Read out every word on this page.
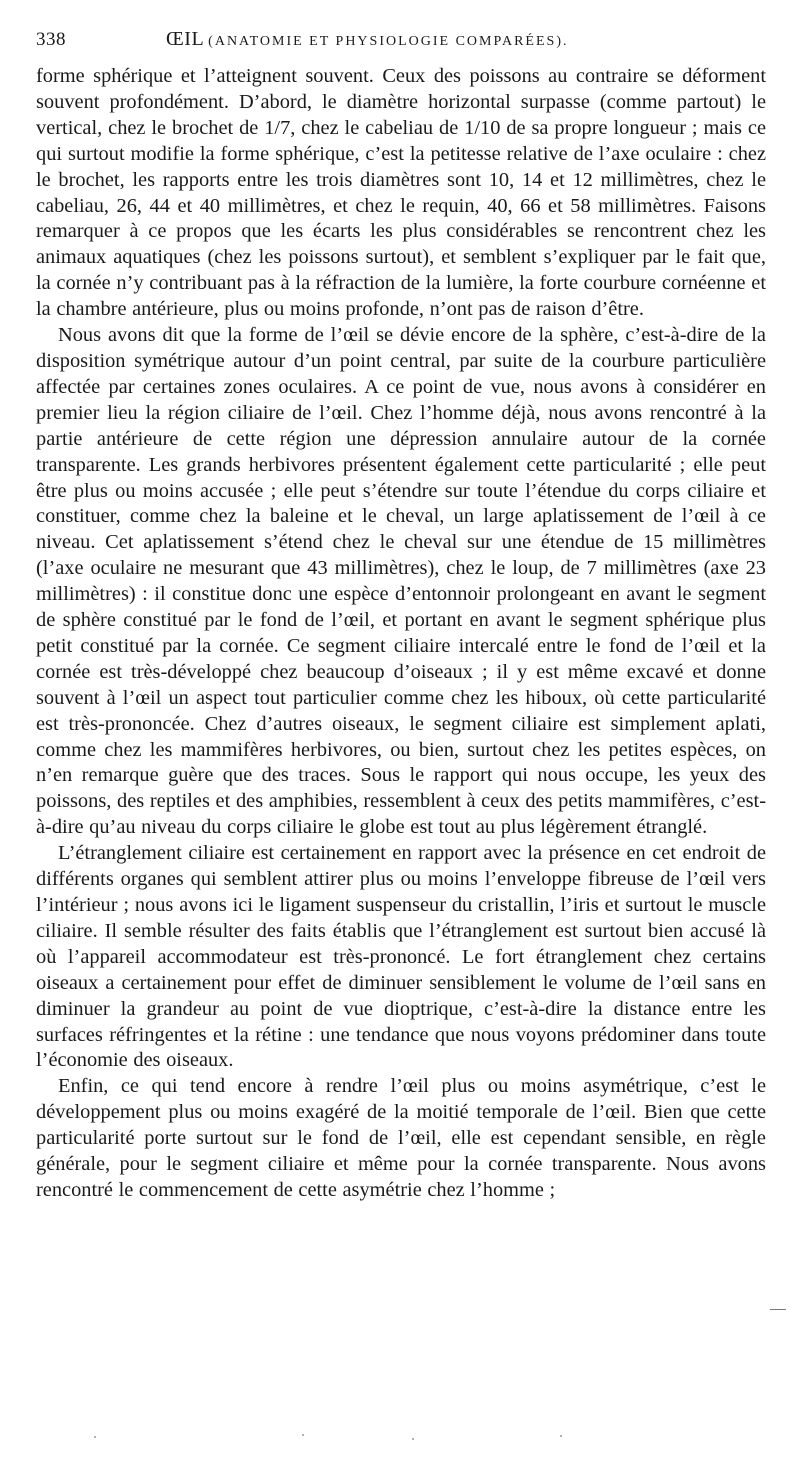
338	ŒIL (ANATOMIE ET PHYSIOLOGIE COMPARÉES).

forme sphérique et l’atteignent souvent. Ceux des poissons au contraire se déforment souvent profondément. D’abord, le diamètre horizontal surpasse (comme partout) le vertical, chez le brochet de 1/7, chez le cabeliau de 1/10 de sa propre longueur ; mais ce qui surtout modifie la forme sphérique, c’est la petitesse relative de l’axe oculaire : chez le brochet, les rapports entre les trois diamètres sont 10, 14 et 12 millimètres, chez le cabeliau, 26, 44 et 40 millimètres, et chez le requin, 40, 66 et 58 millimètres. Faisons remarquer à ce propos que les écarts les plus considérables se rencontrent chez les animaux aquatiques (chez les poissons surtout), et semblent s’expliquer par le fait que, la cornée n’y contribuant pas à la réfraction de la lumière, la forte courbure cornéenne et la chambre antérieure, plus ou moins profonde, n’ont pas de raison d’être.

Nous avons dit que la forme de l’œil se dévie encore de la sphère, c’est-à-dire de la disposition symétrique autour d’un point central, par suite de la courbure particulière affectée par certaines zones oculaires. A ce point de vue, nous avons à considérer en premier lieu la région ciliaire de l’œil. Chez l’homme déjà, nous avons rencontré à la partie antérieure de cette région une dépression annulaire autour de la cornée transparente. Les grands herbivores présentent également cette particularité ; elle peut être plus ou moins accusée ; elle peut s’étendre sur toute l’étendue du corps ciliaire et constituer, comme chez la baleine et le cheval, un large aplatissement de l’œil à ce niveau. Cet aplatissement s’étend chez le cheval sur une étendue de 15 millimètres (l’axe oculaire ne mesurant que 43 millimètres), chez le loup, de 7 millimètres (axe 23 millimètres) : il constitue donc une espèce d’entonnoir prolongeant en avant le segment de sphère constitué par le fond de l’œil, et portant en avant le segment sphérique plus petit constitué par la cornée. Ce segment ciliaire intercalé entre le fond de l’œil et la cornée est très-développé chez beaucoup d’oiseaux ; il y est même excavé et donne souvent à l’œil un aspect tout particulier comme chez les hiboux, où cette particularité est très-prononcée. Chez d’autres oiseaux, le segment ciliaire est simplement aplati, comme chez les mammifères herbivores, ou bien, surtout chez les petites espèces, on n’en remarque guère que des traces. Sous le rapport qui nous occupe, les yeux des poissons, des reptiles et des amphibies, ressemblent à ceux des petits mammifères, c’est-à-dire qu’au niveau du corps ciliaire le globe est tout au plus légèrement étranglé.

L’étranglement ciliaire est certainement en rapport avec la présence en cet endroit de différents organes qui semblent attirer plus ou moins l’enveloppe fibreuse de l’œil vers l’intérieur ; nous avons ici le ligament suspenseur du cristallin, l’iris et surtout le muscle ciliaire. Il semble résulter des faits établis que l’étranglement est surtout bien accusé là où l’appareil accommodateur est très-prononcé. Le fort étranglement chez certains oiseaux a certainement pour effet de diminuer sensiblement le volume de l’œil sans en diminuer la grandeur au point de vue dioptrique, c’est-à-dire la distance entre les surfaces réfringentes et la rétine : une tendance que nous voyons prédominer dans toute l’économie des oiseaux.

Enfin, ce qui tend encore à rendre l’œil plus ou moins asymétrique, c’est le développement plus ou moins exagéré de la moitié temporale de l’œil. Bien que cette particularité porte surtout sur le fond de l’œil, elle est cependant sensible, en règle générale, pour le segment ciliaire et même pour la cornée transparente. Nous avons rencontré le commencement de cette asymétrie chez l’homme ;
